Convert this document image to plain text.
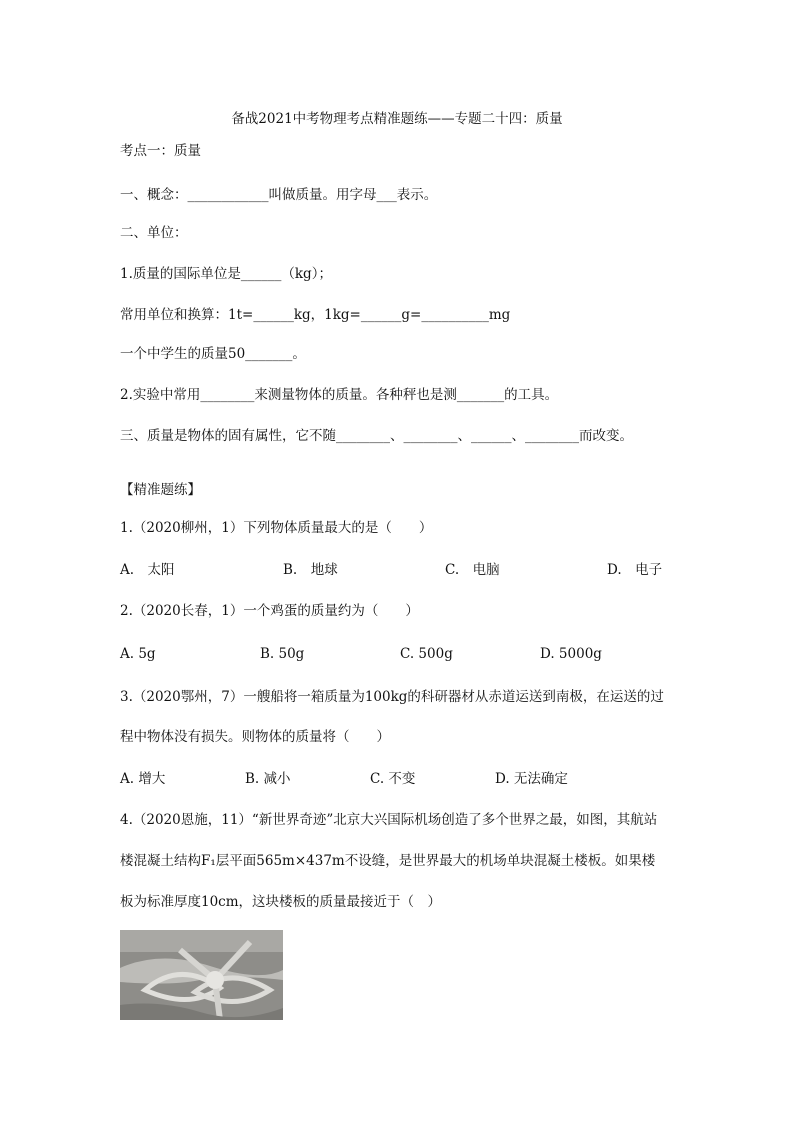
备战2021中考物理考点精准题练——专题二十四：质量
考点一：质量
一、概念：____________叫做质量。用字母___表示。
二、单位：
1.质量的国际单位是______（kg）；
常用单位和换算：1t=______kg，1kg=______g=__________mg
一个中学生的质量50_______。
2.实验中常用________来测量物体的质量。各种秤也是测_______的工具。
三、质量是物体的固有属性，它不随________、________、______、________而改变。
【精准题练】
1.（2020柳州，1）下列物体质量最大的是（　　）
A.　太阳	B.　地球	C.　电脑	D.　电子
2.（2020长春，1）一个鸡蛋的质量约为（　　）
A. 5g	B. 50g	C. 500g	D. 5000g
3.（2020鄂州，7）一艘船将一箱质量为100kg的科研器材从赤道运送到南极，在运送的过
程中物体没有损失。则物体的质量将（　　）
A. 增大	B. 减小	C. 不变	D. 无法确定
4.（2020恩施，11）“新世界奇迹”北京大兴国际机场创造了多个世界之最，如图，其航站
楼混凝土结构F₁层平面565m×437m不设缝，是世界最大的机场单块混凝土楼板。如果楼
板为标准厚度10cm，这块楼板的质量最接近于（　）
